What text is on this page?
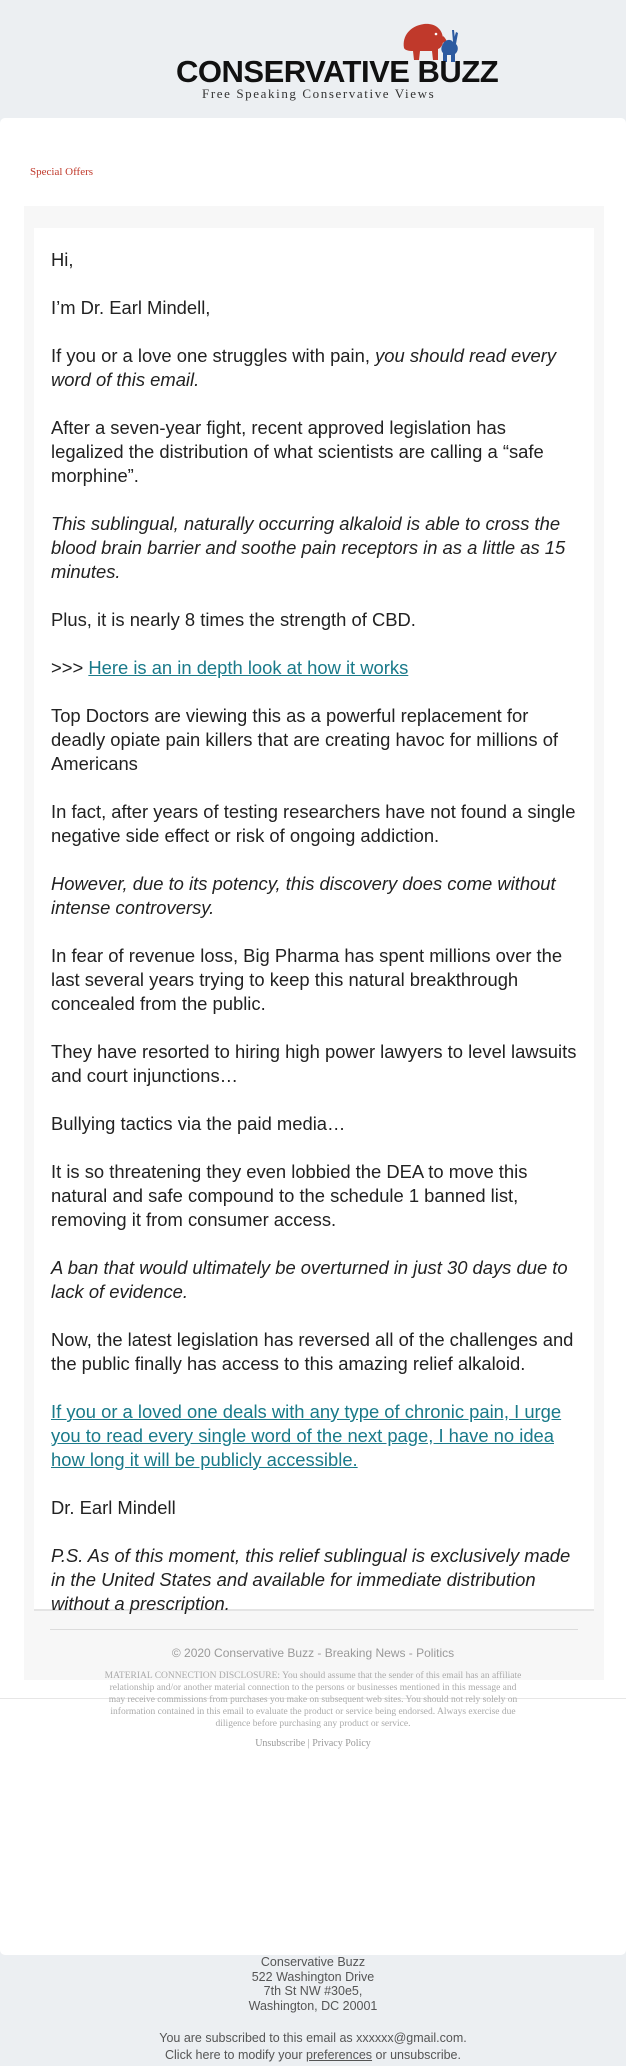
CONSERVATIVE BUZZ
Free Speaking Conservative Views
Special Offers

Hi,

I’m Dr. Earl Mindell,

If you or a love one struggles with pain, you should read every word of this email.

After a seven-year fight, recent approved legislation has legalized the distribution of what scientists are calling a “safe morphine”.

This sublingual, naturally occurring alkaloid is able to cross the blood brain barrier and soothe pain receptors in as a little as 15 minutes.

Plus, it is nearly 8 times the strength of CBD.

>>> Here is an in depth look at how it works

Top Doctors are viewing this as a powerful replacement for deadly opiate pain killers that are creating havoc for millions of Americans

In fact, after years of testing researchers have not found a single negative side effect or risk of ongoing addiction.

However, due to its potency, this discovery does come without intense controversy.

In fear of revenue loss, Big Pharma has spent millions over the last several years trying to keep this natural breakthrough concealed from the public.

They have resorted to hiring high power lawyers to level lawsuits and court injunctions…

Bullying tactics via the paid media…

It is so threatening they even lobbied the DEA to move this natural and safe compound to the schedule 1 banned list, removing it from consumer access.

A ban that would ultimately be overturned in just 30 days due to lack of evidence.

Now, the latest legislation has reversed all of the challenges and the public finally has access to this amazing relief alkaloid.

If you or a loved one deals with any type of chronic pain, I urge you to read every single word of the next page, I have no idea how long it will be publicly accessible.

Dr. Earl Mindell

P.S. As of this moment, this relief sublingual is exclusively made in the United States and available for immediate distribution without a prescription.

© 2020 Conservative Buzz - Breaking News - Politics
MATERIAL CONNECTION DISCLOSURE: You should assume that the sender of this email has an affiliate relationship and/or another material connection to the persons or businesses mentioned in this message and may receive commissions from purchases you make on subsequent web sites. You should not rely solely on information contained in this email to evaluate the product or service being endorsed. Always exercise due diligence before purchasing any product or service.
Unsubscribe | Privacy Policy
Conservative Buzz
522 Washington Drive
7th St NW #30e5,
Washington, DC 20001
You are subscribed to this email as xxxxxx@gmail.com.
Click here to modify your preferences or unsubscribe.
